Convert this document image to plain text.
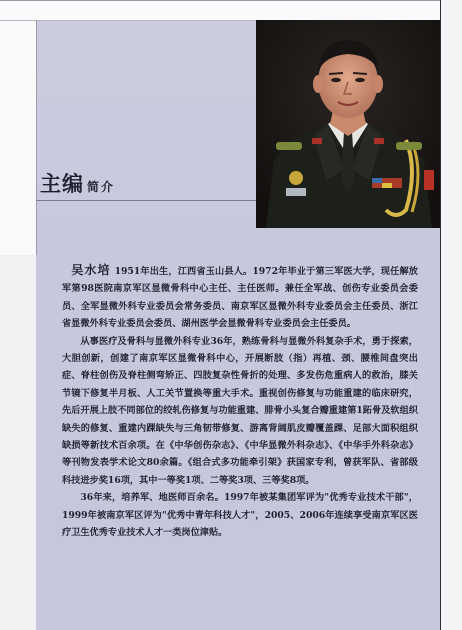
主编 简介

吴水培 1951年出生，江西省玉山县人。1972年毕业于第三军医大学，现任解放军第98医院南京军区显微骨科中心主任、主任医师。兼任全军战、创伤专业委员会委员、全军显微外科专业委员会常务委员、南京军区显微外科专业委员会主任委员、浙江省显微外科专业委员会委员、湖州医学会显微骨科专业委员会主任委员。

从事医疗及骨科与显微外科专业36年，熟练骨科与显微外科复杂手术，勇于探索，大胆创新，创建了南京军区显微骨科中心，开展断肢（指）再植、颈、腰椎间盘突出症、脊柱创伤及脊柱侧弯矫正、四肢复杂性骨折的处理、多发伤危重病人的救治，膝关节镜下修复半月板、人工关节置换等重大手术。重视创伤修复与功能重建的临床研究，先后开展上肢不同部位的绞轧伤修复与功能重建、腓骨小头复合瓣重建第1跖骨及软组织缺失的修复、重建内踝缺失与三角韧带修复、游离背阔肌皮瓣覆盖踝、足部大面积组织缺损等新技术百余项。在《中华创伤杂志》、《中华显微外科杂志》、《中华手外科杂志》等刊物发表学术论文80余篇。《组合式多功能牵引架》获国家专利，曾获军队、省部级科技进步奖16项，其中一等奖1项、二等奖3项、三等奖8项。

36年来，培养军、地医师百余名。1997年被某集团军评为"优秀专业技术干部"，1999年被南京军区评为"优秀中青年科技人才"，2005、2006年连续享受南京军区医疗卫生优秀专业技术人才一类岗位津贴。
